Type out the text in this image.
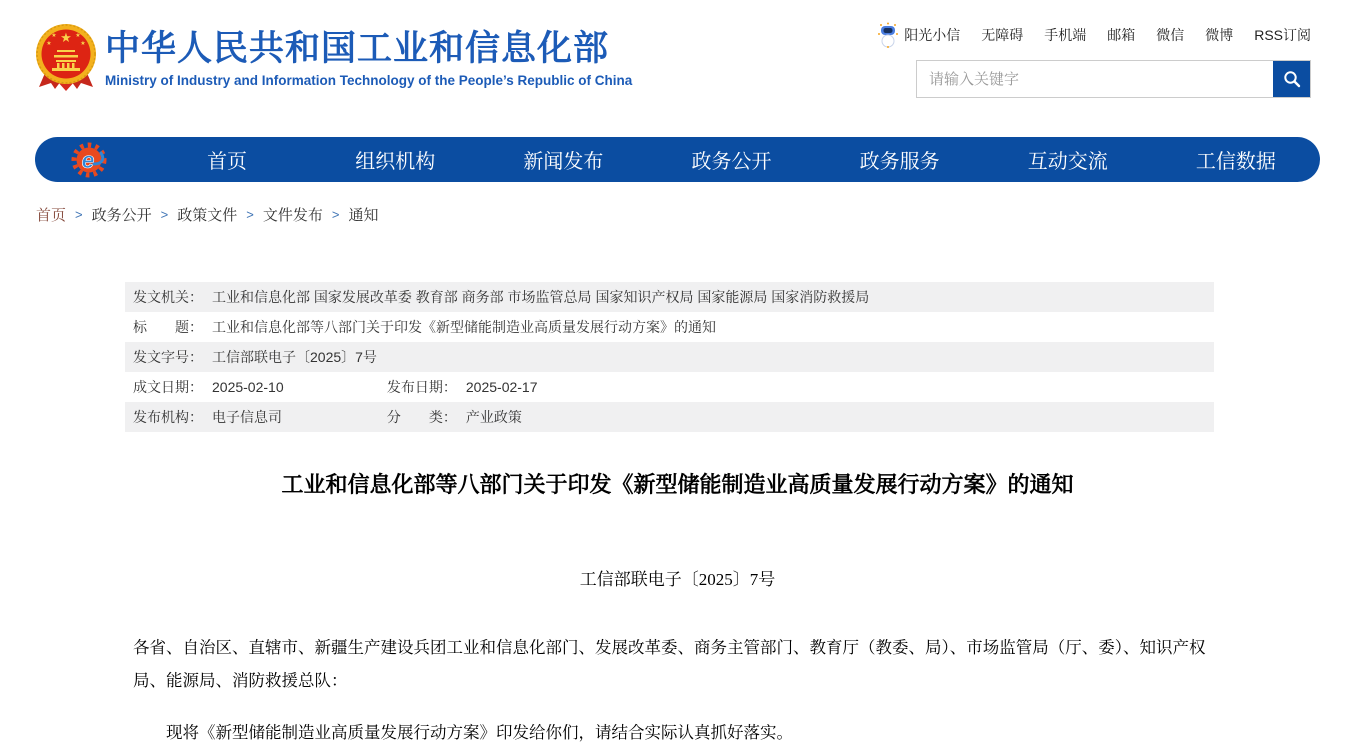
★
★	★
★	★ 中华人民共和国工业和信息化部
Ministry of Industry and Information Technology of the People’s Republic of China
阳光小信 无障碍 手机端 邮箱 微信 微博 RSS订阅
请输入关键字
e	首页	组织机构	新闻发布	政务公开	政务服务	互动交流	工信数据
首页 > 政务公开 > 政策文件 > 文件发布 > 通知
发文机关： 工业和信息化部 国家发展改革委 教育部 商务部 市场监管总局 国家知识产权局 国家能源局 国家消防救援局
标　　题： 工业和信息化部等八部门关于印发《新型储能制造业高质量发展行动方案》的通知
发文字号： 工信部联电子〔2025〕7号
成文日期： 2025-02-10	发布日期： 2025-02-17
发布机构： 电子信息司	分　　类： 产业政策
工业和信息化部等八部门关于印发《新型储能制造业高质量发展行动方案》的通知
工信部联电子〔2025〕7号
各省、自治区、直辖市、新疆生产建设兵团工业和信息化部门、发展改革委、商务主管部门、教育厅（教委、局）、市场监管局（厅、委）、知识产权局、能源局、消防救援总队：
现将《新型储能制造业高质量发展行动方案》印发给你们，请结合实际认真抓好落实。
